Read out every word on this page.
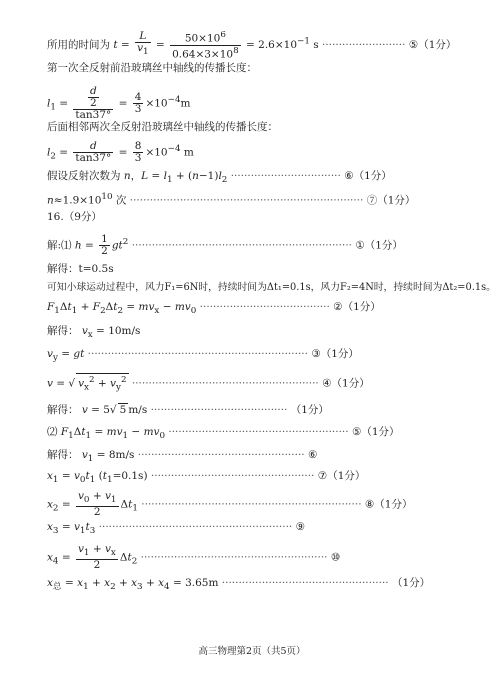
所用的时间为 $t = \frac{L}{v_1} = \frac{50\times 10^6}{0.64\times 3\times 10^8} = 2.6\times 10^{-1}$ s ························· ⑤（1分）
第一次全反射前沿玻璃丝中轴线的传播长度：
$l_1 = \frac{\frac{d}{2}}{\tan 37^\circ} = \frac{4}{3} \times 10^{-4}m$
后面相邻两次全反射沿玻璃丝中轴线的传播长度：
$l_2 = \frac{d}{\tan 37^\circ} = \frac{8}{3} \times 10^{-4}$ m
假设反射次数为 n，$L = l_1 + (n-1)l_2$ ································· ⑥（1分）
$n\approx 1.9\times 10^{10}$ 次 ······································································ ⑦（1分）
16.（9分）
解:⑴ $h = \frac{1}{2} gt^2$ ·································································· ①（1分）
解得：t=0.5s
可知小球运动过程中，风力F₁=6N时，持续时间为Δt₁=0.1s，风力F₂=4N时，持续时间为Δt₂=0.1s。
$F_1\Delta t_1 + F_2\Delta t_2 = mv_x - mv_0$ ······································· ②（1分）
解得： $v_x = 10m/s$
$v_y$ = gt ·································································· ③（1分）
v = √ $v_x^2 + v_y^2$ ························································ ④（1分）
解得： v = 5√ 5 m/s ········································· （1分）
⑵ $F_1\Delta t_1 = mv_1 - mv_0$ ······················································ ⑤（1分）
解得： $v_1 = 8m/s$ ·················································· ⑥
$x_1 = v_0t_1$ $(t_1=0.1s)$ ················································· ⑦（1分）
$x_2 = \frac{v_0 + v_1}{2} \Delta t_1$ ·································································· ⑧（1分）
$x_3 = v_1t_3$ ·························································· ⑨
$x_4 = \frac{v_1 + v_x}{2} \Delta t_2$ ························································ ⑩
$x_总 = x_1 + x_2 + x_3 + x_4 = 3.65m$ ·················································· （1分）
高三物理第2页（共5页）
